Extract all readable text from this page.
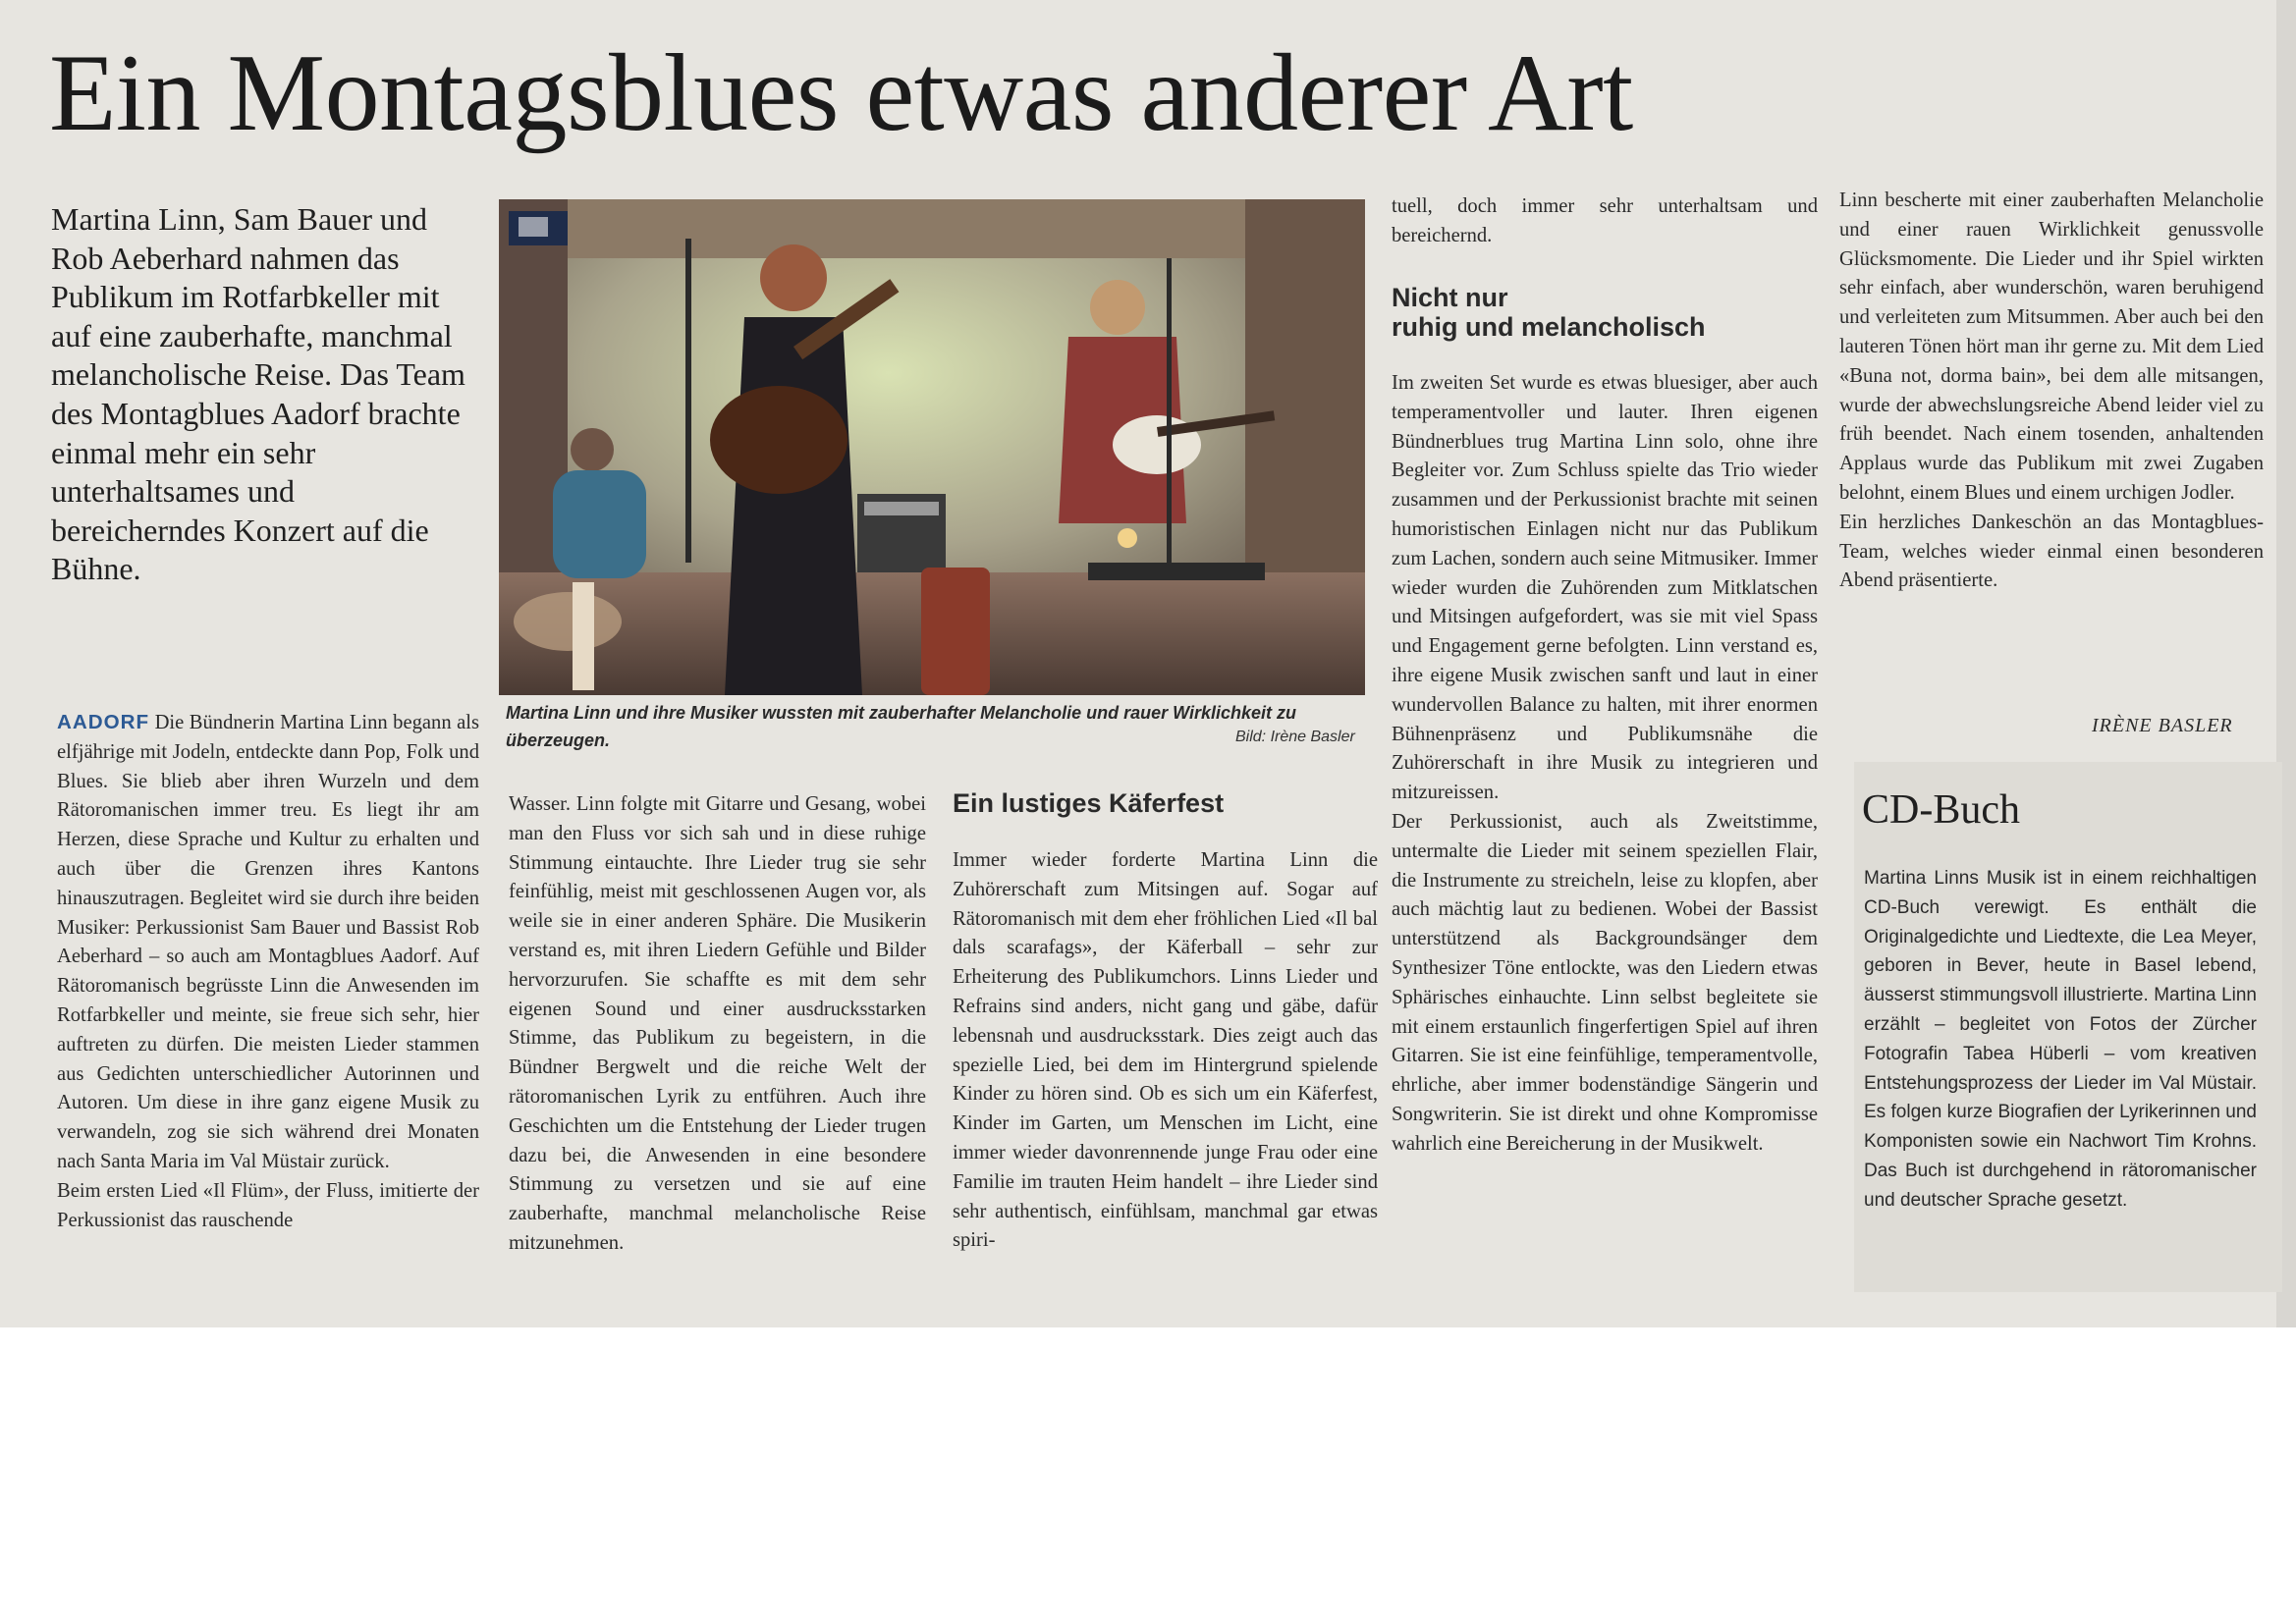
Ein Montagsblues etwas anderer Art
Martina Linn, Sam Bauer und Rob Aeberhard nahmen das Publikum im Rotfarbkeller mit auf eine zauberhafte, manchmal melancholische Reise. Das Team des Montagblues Aadorf brachte einmal mehr ein sehr unterhaltsames und bereicherndes Konzert auf die Bühne.
Martina Linn und ihre Musiker wussten mit zauberhafter Melancholie und rauer Wirklichkeit zu überzeugen.	Bild: Irène Basler

AADORF Die Bündnerin Martina Linn begann als elfjährige mit Jodeln, entdeckte dann Pop, Folk und Blues. Sie blieb aber ihren Wurzeln und dem Rätoromanischen immer treu. Es liegt ihr am Herzen, diese Sprache und Kultur zu erhalten und auch über die Grenzen ihres Kantons hinauszutragen. Begleitet wird sie durch ihre beiden Musiker: Perkussionist Sam Bauer und Bassist Rob Aeberhard – so auch am Montagblues Aadorf. Auf Rätoromanisch begrüsste Linn die Anwesenden im Rotfarbkeller und meinte, sie freue sich sehr, hier auftreten zu dürfen. Die meisten Lieder stammen aus Gedichten unterschiedlicher Autorinnen und Autoren. Um diese in ihre ganz eigene Musik zu verwandeln, zog sie sich während drei Monaten nach Santa Maria im Val Müstair zurück.

Beim ersten Lied «Il Flüm», der Fluss, imitierte der Perkussionist das rauschende

Wasser. Linn folgte mit Gitarre und Gesang, wobei man den Fluss vor sich sah und in diese ruhige Stimmung eintauchte. Ihre Lieder trug sie sehr feinfühlig, meist mit geschlossenen Augen vor, als weile sie in einer anderen Sphäre. Die Musikerin verstand es, mit ihren Liedern Gefühle und Bilder hervorzurufen. Sie schaffte es mit dem sehr eigenen Sound und einer ausdrucksstarken Stimme, das Publikum zu begeistern, in die Bündner Bergwelt und die reiche Welt der rätoromanischen Lyrik zu entführen. Auch ihre Geschichten um die Entstehung der Lieder trugen dazu bei, die Anwesenden in eine besondere Stimmung zu versetzen und sie auf eine zauberhafte, manchmal melancholische Reise mitzunehmen.

Ein lustiges Käferfest

Immer wieder forderte Martina Linn die Zuhörerschaft zum Mitsingen auf. Sogar auf Rätoromanisch mit dem eher fröhlichen Lied «Il bal dals scarafags», der Käferball – sehr zur Erheiterung des Publikumchors. Linns Lieder und Refrains sind anders, nicht gang und gäbe, dafür lebensnah und ausdrucksstark. Dies zeigt auch das spezielle Lied, bei dem im Hintergrund spielende Kinder zu hören sind. Ob es sich um ein Käferfest, Kinder im Garten, um Menschen im Licht, eine immer wieder davonrennende junge Frau oder eine Familie im trauten Heim handelt – ihre Lieder sind sehr authentisch, einfühlsam, manchmal gar etwas spiri-

tuell, doch immer sehr unterhaltsam und bereichernd.

Nicht nur
ruhig und melancholisch

Im zweiten Set wurde es etwas bluesiger, aber auch temperamentvoller und lauter. Ihren eigenen Bündnerblues trug Martina Linn solo, ohne ihre Begleiter vor. Zum Schluss spielte das Trio wieder zusammen und der Perkussionist brachte mit seinen humoristischen Einlagen nicht nur das Publikum zum Lachen, sondern auch seine Mitmusiker. Immer wieder wurden die Zuhörenden zum Mitklatschen und Mitsingen aufgefordert, was sie mit viel Spass und Engagement gerne befolgten. Linn verstand es, ihre eigene Musik zwischen sanft und laut in einer wundervollen Balance zu halten, mit ihrer enormen Bühnenpräsenz und Publikumsnähe die Zuhörerschaft in ihre Musik zu integrieren und mitzureissen.

Der Perkussionist, auch als Zweitstimme, untermalte die Lieder mit seinem speziellen Flair, die Instrumente zu streicheln, leise zu klopfen, aber auch mächtig laut zu bedienen. Wobei der Bassist unterstützend als Backgroundsänger dem Synthesizer Töne entlockte, was den Liedern etwas Sphärisches einhauchte. Linn selbst begleitete sie mit einem erstaunlich fingerfertigen Spiel auf ihren Gitarren. Sie ist eine feinfühlige, temperamentvolle, ehrliche, aber immer bodenständige Sängerin und Songwriterin. Sie ist direkt und ohne Kompromisse wahrlich eine Bereicherung in der Musikwelt.

Linn bescherte mit einer zauberhaften Melancholie und einer rauen Wirklichkeit genussvolle Glücksmomente. Die Lieder und ihr Spiel wirkten sehr einfach, aber wunderschön, waren beruhigend und verleiteten zum Mitsummen. Aber auch bei den lauteren Tönen hört man ihr gerne zu. Mit dem Lied «Buna not, dorma bain», bei dem alle mitsangen, wurde der abwechslungsreiche Abend leider viel zu früh beendet. Nach einem tosenden, anhaltenden Applaus wurde das Publikum mit zwei Zugaben belohnt, einem Blues und einem urchigen Jodler.

Ein herzliches Dankeschön an das Montagblues-Team, welches wieder einmal einen besonderen Abend präsentierte.

IRÈNE BASLER
CD-Buch
Martina Linns Musik ist in einem reichhaltigen CD-Buch verewigt. Es enthält die Originalgedichte und Liedtexte, die Lea Meyer, geboren in Bever, heute in Basel lebend, äusserst stimmungsvoll illustrierte. Martina Linn erzählt – begleitet von Fotos der Zürcher Fotografin Tabea Hüberli – vom kreativen Entstehungsprozess der Lieder im Val Müstair. Es folgen kurze Biografien der Lyrikerinnen und Komponisten sowie ein Nachwort Tim Krohns. Das Buch ist durchgehend in rätoromanischer und deutscher Sprache gesetzt.
